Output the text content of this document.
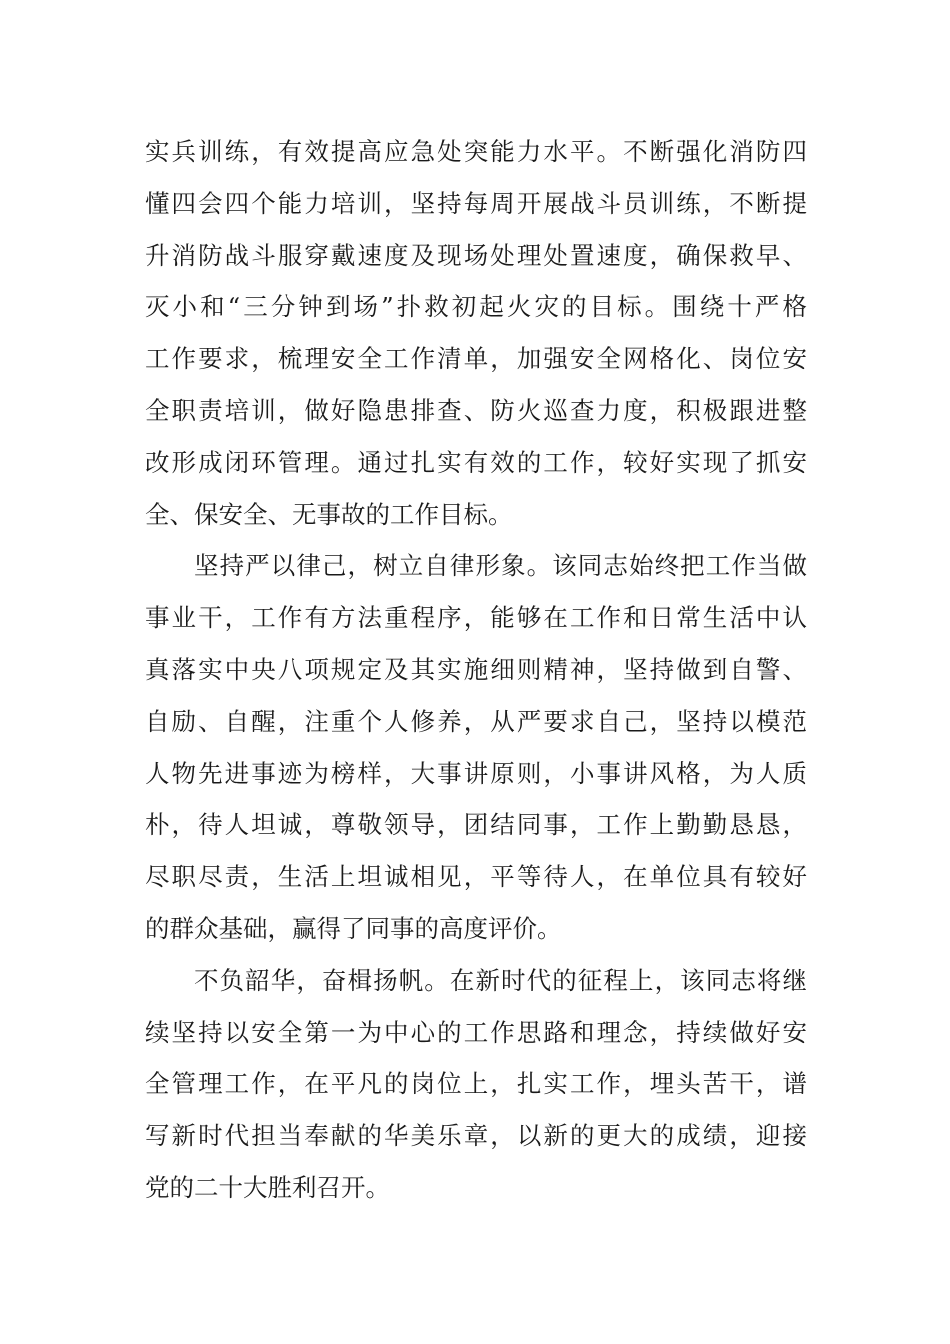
实兵训练，有效提高应急处突能力水平。不断强化消防四
懂四会四个能力培训，坚持每周开展战斗员训练，不断提
升消防战斗服穿戴速度及现场处理处置速度，确保救早、
灭小和“三分钟到场”扑救初起火灾的目标。围绕十严格
工作要求，梳理安全工作清单，加强安全网格化、岗位安
全职责培训，做好隐患排查、防火巡查力度，积极跟进整
改形成闭环管理。通过扎实有效的工作，较好实现了抓安
全、保安全、无事故的工作目标。
坚持严以律己，树立自律形象。该同志始终把工作当做
事业干，工作有方法重程序，能够在工作和日常生活中认
真落实中央八项规定及其实施细则精神，坚持做到自警、
自励、自醒，注重个人修养，从严要求自己，坚持以模范
人物先进事迹为榜样，大事讲原则，小事讲风格，为人质
朴，待人坦诚，尊敬领导，团结同事，工作上勤勤恳恳，
尽职尽责，生活上坦诚相见，平等待人，在单位具有较好
的群众基础，赢得了同事的高度评价。
不负韶华，奋楫扬帆。在新时代的征程上，该同志将继
续坚持以安全第一为中心的工作思路和理念，持续做好安
全管理工作，在平凡的岗位上，扎实工作，埋头苦干，谱
写新时代担当奉献的华美乐章，以新的更大的成绩，迎接
党的二十大胜利召开。
